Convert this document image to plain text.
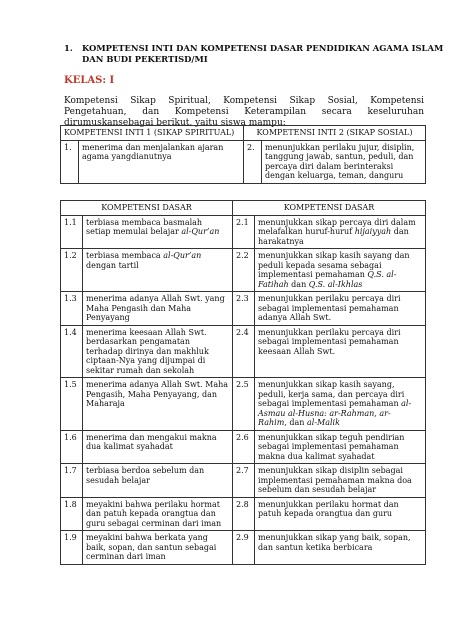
1. KOMPETENSI INTI DAN KOMPETENSI DASAR PENDIDIKAN AGAMA ISLAM DAN BUDI PEKERTISD/MI
KELAS: I
Kompetensi Sikap Spiritual, Kompetensi Sikap Sosial, Kompetensi Pengetahuan, dan Kompetensi Keterampilan secara keseluruhan dirumuskansebagai berikut, yaitu siswa mampu:
KOMPETENSI INTI 1 (SIKAP SPIRITUAL)		KOMPETENSI INTI 2 (SIKAP SOSIAL)	
1.	menerima dan menjalankan ajaran agama yangdianutnya	2.	menunjukkan perilaku jujur, disiplin, tanggung jawab, santun, peduli, dan percaya diri dalam berinteraksi dengan keluarga, teman, danguru
KOMPETENSI DASAR		KOMPETENSI DASAR	
1.1	terbiasa membaca basmalah setiap memulai belajar al-Qur’an	2.1	menunjukkan sikap percaya diri dalam melafalkan huruf-huruf hijaiyyah dan harakatnya
1.2	terbiasa membaca al-Qur’an dengan tartil	2.2	menunjukkan sikap kasih sayang dan peduli kepada sesama sebagai implementasi pemahaman Q.S. al-Fatihah dan Q.S. al-Ikhlas
1.3	menerima adanya Allah Swt. yang Maha Pengasih dan Maha Penyayang	2.3	menunjukkan perilaku percaya diri sebagai implementasi pemahaman adanya Allah Swt.
1.4	menerima keesaan Allah Swt. berdasarkan pengamatan terhadap dirinya dan makhluk ciptaan-Nya yang dijumpai di sekitar rumah dan sekolah	2.4	menunjukkan perilaku percaya diri sebagai implementasi pemahaman keesaan Allah Swt.
1.5	menerima adanya Allah Swt. Maha Pengasih, Maha Penyayang, dan Maharaja	2.5	menunjukkan sikap kasih sayang, peduli, kerja sama, dan percaya diri sebagai implementasi pemahaman al-Asmau al-Husna: ar-Rahman, ar- Rahim, dan al-Malik
1.6	menerima dan mengakui makna dua kalimat syahadat	2.6	menunjukkan sikap teguh pendirian sebagai implementasi pemahaman makna dua kalimat syahadat
1.7	terbiasa berdoa sebelum dan sesudah belajar	2.7	menunjukkan sikap disiplin sebagai implementasi pemahaman makna doa sebelum dan sesudah belajar
1.8	meyakini bahwa perilaku hormat dan patuh kepada orangtua dan guru sebagai cerminan dari iman	2.8	menunjukkan perilaku hormat dan patuh kepada orangtua dan guru
1.9	meyakini bahwa berkata yang baik, sopan, dan santun sebagai cerminan dari iman	2.9	menunjukkan sikap yang baik, sopan, dan santun ketika berbicara
